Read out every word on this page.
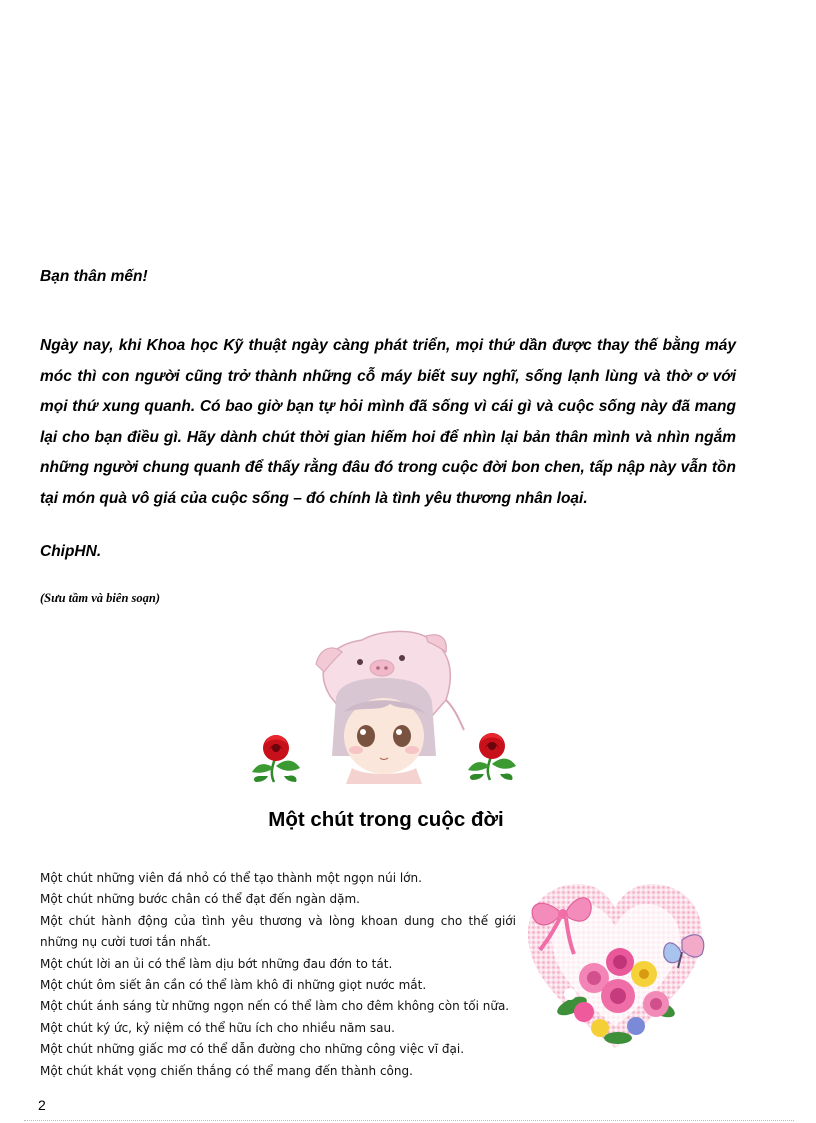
Bạn thân mến!

Ngày nay, khi Khoa học Kỹ thuật ngày càng phát triển, mọi thứ dần được thay thế bằng máy móc thì con người cũng trở thành những cỗ máy biết suy nghĩ, sống lạnh lùng và thờ ơ với mọi thứ xung quanh. Có bao giờ bạn tự hỏi mình đã sống vì cái gì và cuộc sống này đã mang lại cho bạn điều gì. Hãy dành chút thời gian hiếm hoi để nhìn lại bản thân mình và nhìn ngắm những người chung quanh để thấy rằng đâu đó trong cuộc đời bon chen, tấp nập này vẫn tồn tại món quà vô giá của cuộc sống – đó chính là tình yêu thương nhân loại.

ChipHN.
(Sưu tầm và biên soạn)
Một chút trong cuộc đời
Một chút những viên đá nhỏ có thể tạo thành một ngọn núi lớn.
Một chút những bước chân có thể đạt đến ngàn dặm.
Một chút hành động của tình yêu thương và lòng khoan dung cho thế giới những nụ cười tươi tắn nhất.
Một chút lời an ủi có thể làm dịu bớt những đau đớn to tát.
Một chút ôm siết ân cần có thể làm khô đi những giọt nước mắt.
Một chút ánh sáng từ những ngọn nến có thể làm cho đêm không còn tối nữa.
Một chút ký ức, kỷ niệm có thể hữu ích cho nhiều năm sau.
Một chút những giấc mơ có thể dẫn đường cho những công việc vĩ đại.
Một chút khát vọng chiến thắng có thể mang đến thành công.
2
